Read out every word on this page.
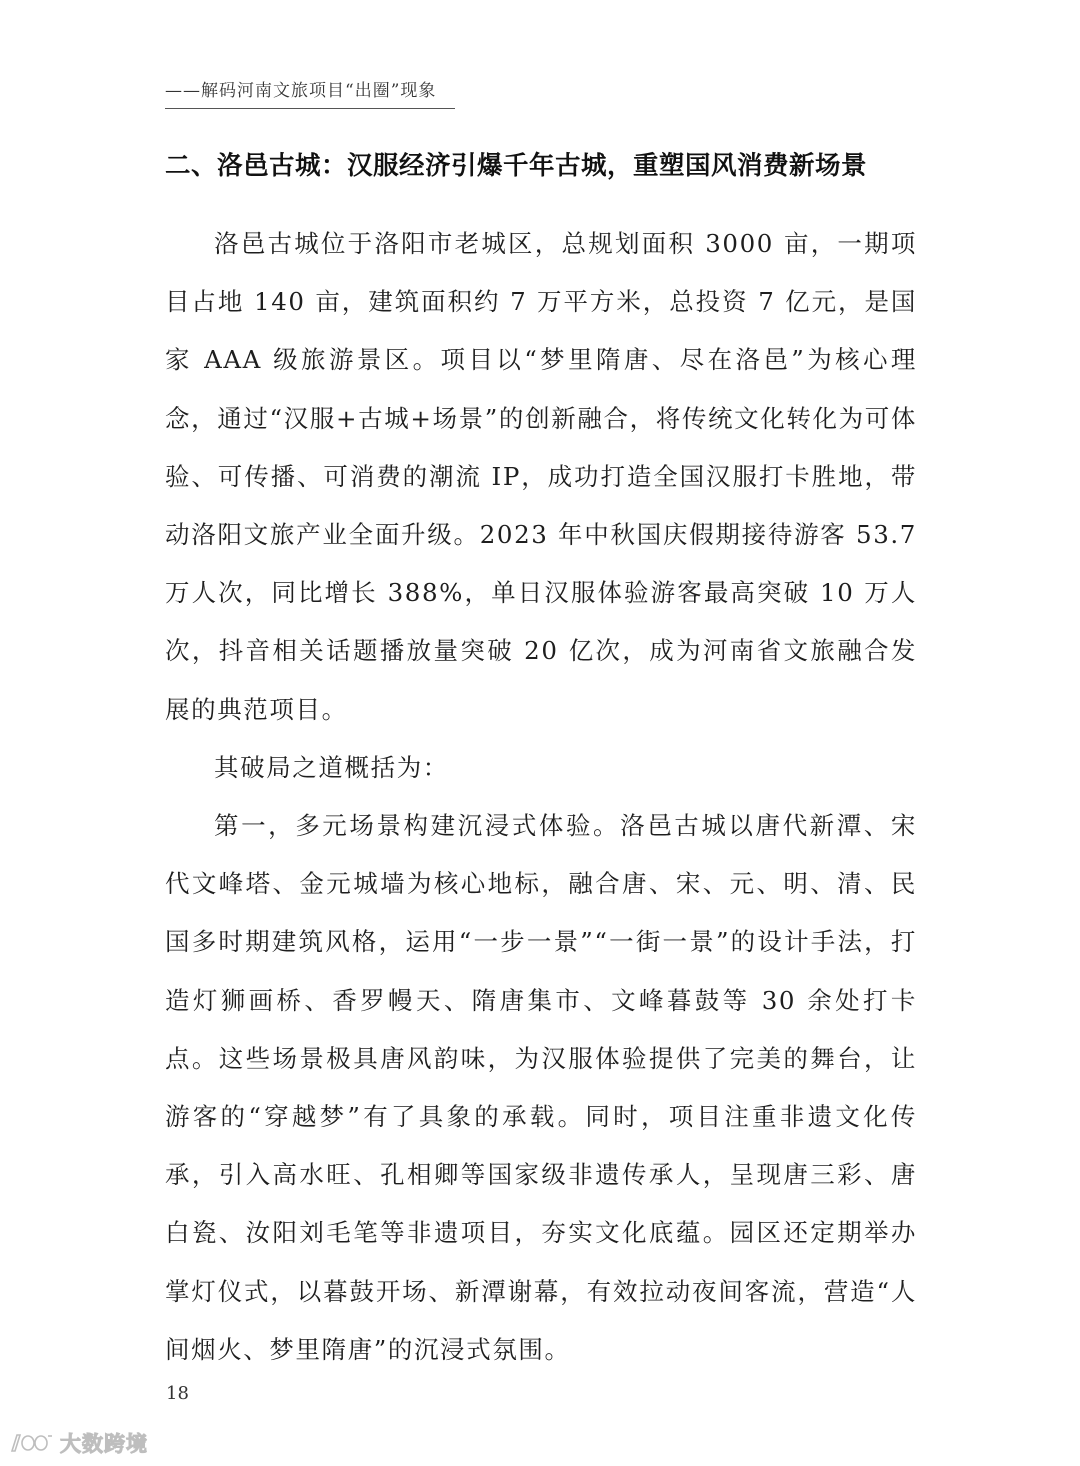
——解码河南文旅项目“出圈”现象
二、洛邑古城：汉服经济引爆千年古城，重塑国风消费新场景

洛邑古城位于洛阳市老城区，总规划面积 3000 亩，一期项目占地 140 亩，建筑面积约 7 万平方米，总投资 7 亿元，是国家 AAA 级旅游景区。项目以“梦里隋唐、尽在洛邑”为核心理念，通过“汉服+古城+场景”的创新融合，将传统文化转化为可体验、可传播、可消费的潮流 IP，成功打造全国汉服打卡胜地，带动洛阳文旅产业全面升级。2023 年中秋国庆假期接待游客 53.7 万人次，同比增长 388%，单日汉服体验游客最高突破 10 万人次，抖音相关话题播放量突破 20 亿次，成为河南省文旅融合发展的典范项目。

其破局之道概括为：

第一，多元场景构建沉浸式体验。洛邑古城以唐代新潭、宋代文峰塔、金元城墙为核心地标，融合唐、宋、元、明、清、民国多时期建筑风格，运用“一步一景”“一街一景”的设计手法，打造灯狮画桥、香罗幔天、隋唐集市、文峰暮鼓等 30 余处打卡点。这些场景极具唐风韵味，为汉服体验提供了完美的舞台，让游客的“穿越梦”有了具象的承载。同时，项目注重非遗文化传承，引入高水旺、孔相卿等国家级非遗传承人，呈现唐三彩、唐白瓷、汝阳刘毛笔等非遗项目，夯实文化底蕴。园区还定期举办掌灯仪式，以暮鼓开场、新潭谢幕，有效拉动夜间客流，营造“人间烟火、梦里隋唐”的沉浸式氛围。

18
大数跨境
